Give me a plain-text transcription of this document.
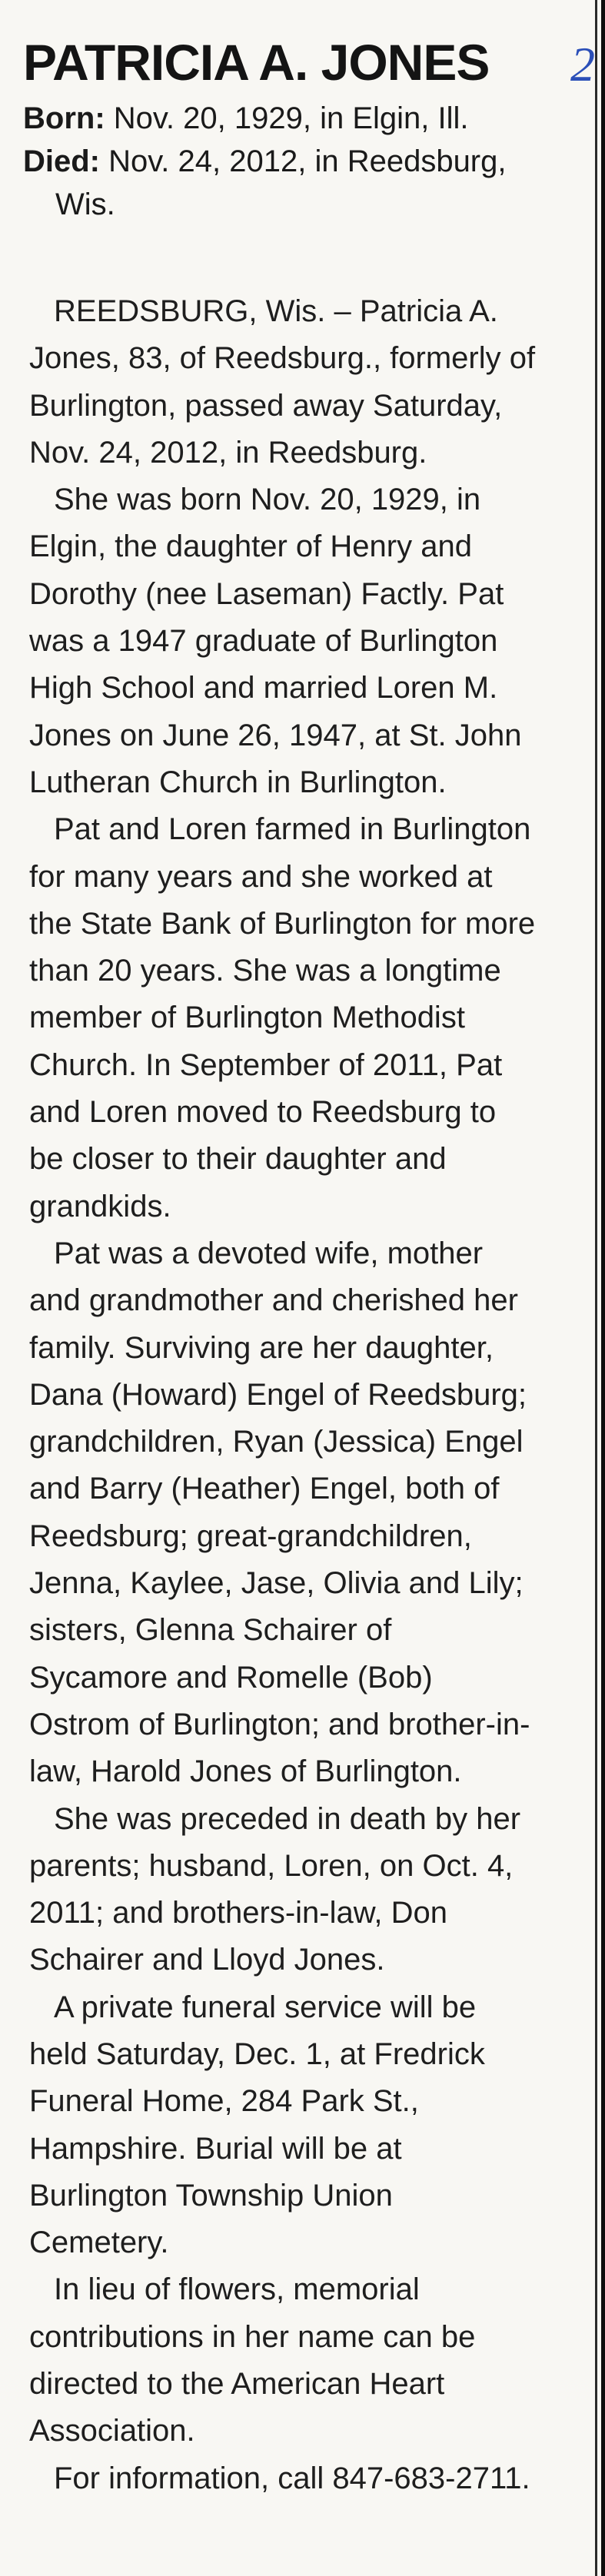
PATRICIA A. JONES 2
Born: Nov. 20, 1929, in Elgin, Ill.
Died: Nov. 24, 2012, in Reedsburg,
Wis.

REEDSBURG, Wis. – Patricia A. Jones, 83, of Reedsburg., formerly of Burlington, passed away Saturday, Nov. 24, 2012, in Reedsburg.

She was born Nov. 20, 1929, in Elgin, the daughter of Henry and Dorothy (nee Laseman) Factly. Pat was a 1947 graduate of Burlington High School and married Loren M. Jones on June 26, 1947, at St. John Lutheran Church in Burlington.

Pat and Loren farmed in Burlington for many years and she worked at the State Bank of Burlington for more than 20 years. She was a longtime member of Burlington Methodist Church. In September of 2011, Pat and Loren moved to Reedsburg to be closer to their daughter and grandkids.

Pat was a devoted wife, mother and grandmother and cherished her family. Surviving are her daughter, Dana (Howard) Engel of Reedsburg; grandchildren, Ryan (Jessica) Engel and Barry (Heather) Engel, both of Reedsburg; great-grandchildren, Jenna, Kaylee, Jase, Olivia and Lily; sisters, Glenna Schairer of Sycamore and Romelle (Bob) Ostrom of Burlington; and brother-in-law, Harold Jones of Burlington.

She was preceded in death by her parents; husband, Loren, on Oct. 4, 2011; and brothers-in-law, Don Schairer and Lloyd Jones.

A private funeral service will be held Saturday, Dec. 1, at Fredrick Funeral Home, 284 Park St., Hampshire. Burial will be at Burlington Township Union Cemetery.

In lieu of flowers, memorial contributions in her name can be directed to the American Heart Association.

For information, call 847-683-2711.
